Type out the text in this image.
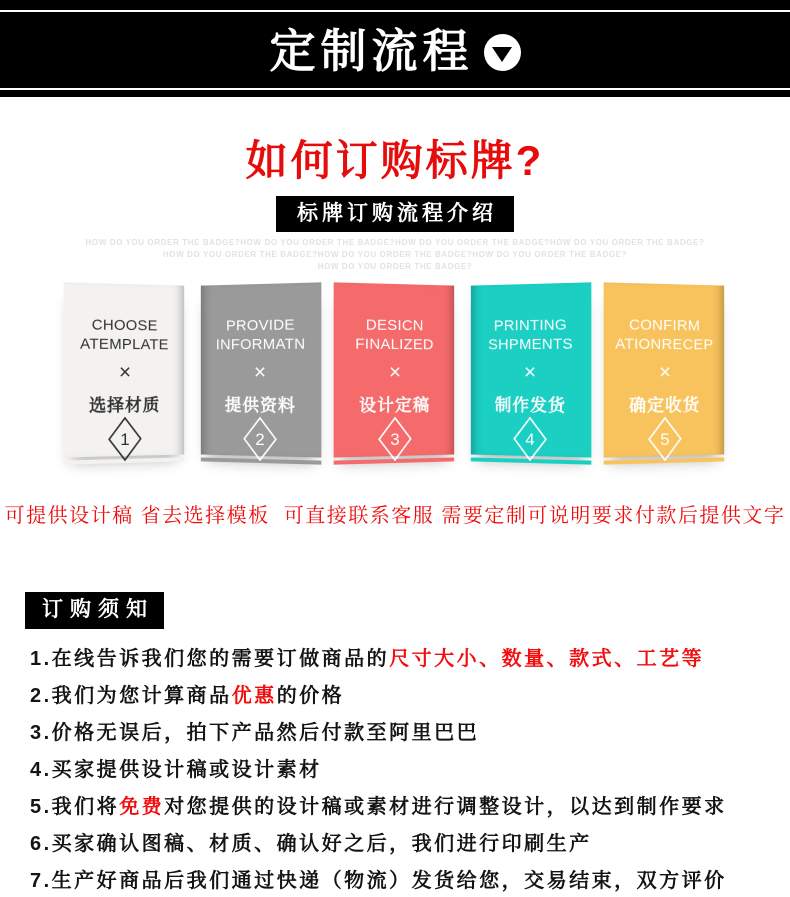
定制流程
如何订购标牌?
标牌订购流程介绍
HOW DO YOU ORDER THE BADGE?HOW DO YOU ORDER THE BADGE?HOW DO YOU ORDER THE BADGE?HOW DO YOU ORDER THE BADGE?
HOW DO YOU ORDER THE BADGE?HOW DO YOU ORDER THE BADGE?HOW DO YOU ORDER THE BADGE?
HOW DO YOU ORDER THE BADGE?
CHOOSE
ATEMPLATE
×
选择材质
1
PROVIDE
INFORMATN
×
提供资料
2
DESICN
FINALIZED
×
设计定稿
3
PRINTING
SHPMENTS
×
制作发货
4
CONFIRM
ATIONRECEP
×
确定收货
5
可提供设计稿 省去选择模板  可直接联系客服 需要定制可说明要求付款后提供文字
订购须知
1.在线告诉我们您的需要订做商品的 尺寸大小、数量、款式、工艺等
2.我们为您计算商品 优惠 的价格
3.价格无误后，拍下产品然后付款至阿里巴巴
4.买家提供设计稿或设计素材
5.我们将 免费 对您提供的设计稿或素材进行调整设计，以达到制作要求
6.买家确认图稿、材质、确认好之后，我们进行印刷生产
7.生产好商品后我们通过快递（物流）发货给您，交易结束，双方评价
